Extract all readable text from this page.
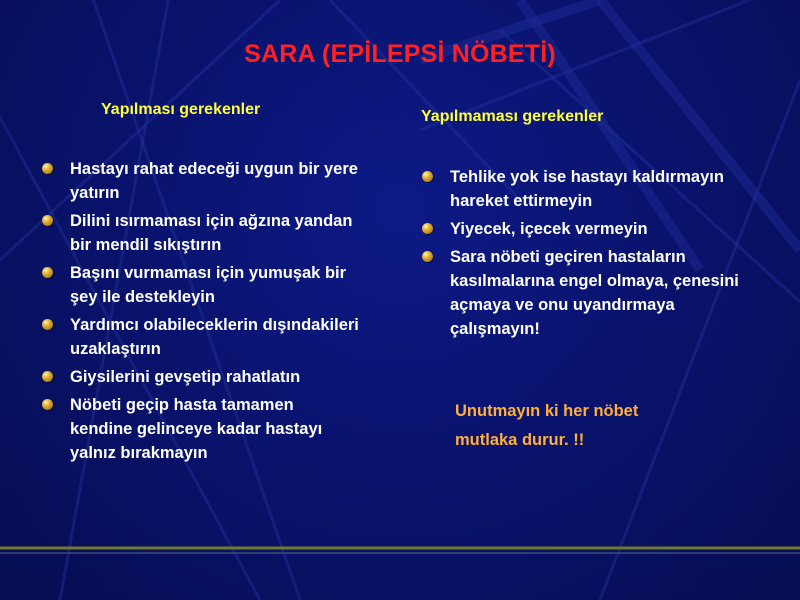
SARA (EPİLEPSİ NÖBETİ)
Yapılması gerekenler	Yapılmaması gerekenler
Hastayı rahat edeceği uygun bir yere yatırın
Dilini ısırmaması için ağzına yandan bir mendil sıkıştırın
Başını vurmaması için yumuşak bir şey ile destekleyin
Yardımcı olabileceklerin dışındakileri uzaklaştırın
Giysilerini gevşetip rahatlatın
Nöbeti geçip hasta tamamen kendine gelinceye kadar hastayı yalnız bırakmayın
Tehlike yok ise hastayı kaldırmayın hareket ettirmeyin
Yiyecek, içecek vermeyin
Sara nöbeti geçiren hastaların kasılmalarına engel olmaya, çenesini açmaya ve onu uyandırmaya çalışmayın!
Unutmayın ki her nöbet
mutlaka durur. !!
